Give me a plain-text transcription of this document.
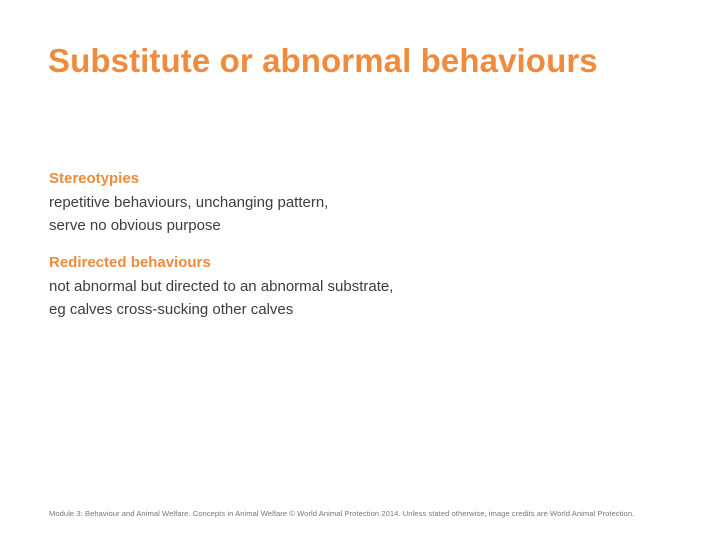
Substitute or abnormal behaviours
Stereotypies

repetitive behaviours, unchanging pattern,

serve no obvious purpose

Redirected behaviours

not abnormal but directed to an abnormal substrate,

eg calves cross-sucking other calves

Module 3: Behaviour and Animal Welfare. Concepts in Animal Welfare © World Animal Protection 2014. Unless stated otherwise, image credits are World Animal Protection.
